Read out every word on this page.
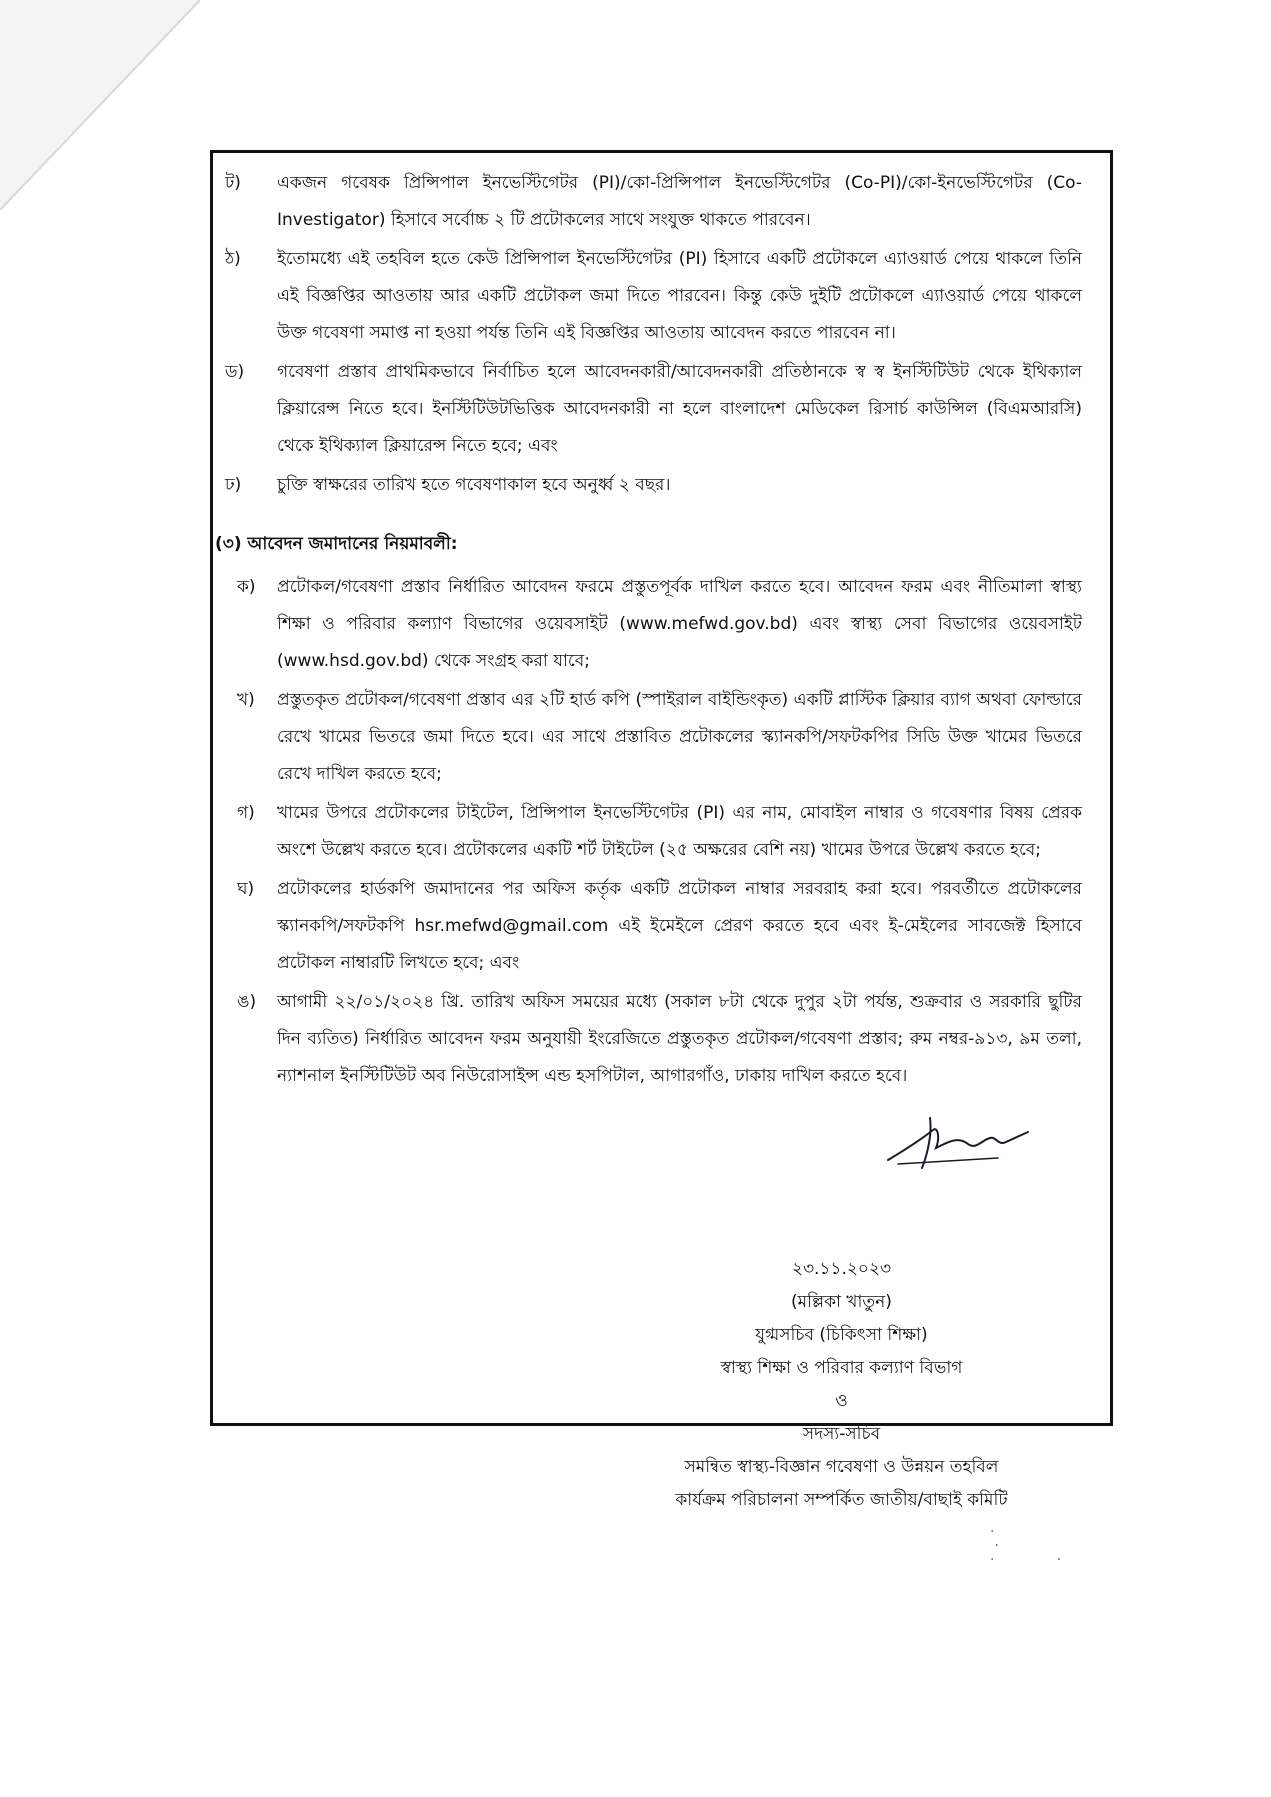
ট)	একজন গবেষক প্রিন্সিপাল ইনভেস্টিগেটর (PI)/কো-প্রিন্সিপাল ইনভেস্টিগেটর (Co-PI)/কো-ইনভেস্টিগেটর (Co- Investigator) হিসাবে সর্বোচ্চ ২ টি প্রটোকলের সাথে সংযুক্ত থাকতে পারবেন।
ঠ)	ইতোমধ্যে এই তহবিল হতে কেউ প্রিন্সিপাল ইনভেস্টিগেটর (PI) হিসাবে একটি প্রটোকলে এ্যাওয়ার্ড পেয়ে থাকলে তিনি এই বিজ্ঞপ্তির আওতায় আর একটি প্রটোকল জমা দিতে পারবেন। কিন্তু কেউ দুইটি প্রটোকলে এ্যাওয়ার্ড পেয়ে থাকলে উক্ত গবেষণা সমাপ্ত না হওয়া পর্যন্ত তিনি এই বিজ্ঞপ্তির আওতায় আবেদন করতে পারবেন না।
ড)	গবেষণা প্রস্তাব প্রাথমিকভাবে নির্বাচিত হলে আবেদনকারী/আবেদনকারী প্রতিষ্ঠানকে স্ব স্ব ইনস্টিটিউট থেকে ইথিক্যাল ক্লিয়ারেন্স নিতে হবে। ইনস্টিটিউটভিত্তিক আবেদনকারী না হলে বাংলাদেশ মেডিকেল রিসার্চ কাউন্সিল (বিএমআরসি) থেকে ইথিক্যাল ক্লিয়ারেন্স নিতে হবে; এবং
ঢ)	চুক্তি স্বাক্ষরের তারিখ হতে গবেষণাকাল হবে অনুর্ধ্ব ২ বছর।
(৩) আবেদন জমাদানের নিয়মাবলী:
ক)	প্রটোকল/গবেষণা প্রস্তাব নির্ধারিত আবেদন ফরমে প্রস্তুতপূর্বক দাখিল করতে হবে। আবেদন ফরম এবং নীতিমালা স্বাস্থ্য শিক্ষা ও পরিবার কল্যাণ বিভাগের ওয়েবসাইট (www.mefwd.gov.bd) এবং স্বাস্থ্য সেবা বিভাগের ওয়েবসাইট (www.hsd.gov.bd) থেকে সংগ্রহ করা যাবে;
খ)	প্রস্তুতকৃত প্রটোকল/গবেষণা প্রস্তাব এর ২টি হার্ড কপি (স্পাইরাল বাইন্ডিংকৃত) একটি প্লাস্টিক ক্লিয়ার ব্যাগ অথবা ফোল্ডারে রেখে খামের ভিতরে জমা দিতে হবে। এর সাথে প্রস্তাবিত প্রটোকলের স্ক্যানকপি/সফটকপির সিডি উক্ত খামের ভিতরে রেখে দাখিল করতে হবে;
গ)	খামের উপরে প্রটোকলের টাইটেল, প্রিন্সিপাল ইনভেস্টিগেটর (PI) এর নাম, মোবাইল নাম্বার ও গবেষণার বিষয় প্রেরক অংশে উল্লেখ করতে হবে। প্রটোকলের একটি শর্ট টাইটেল (২৫ অক্ষরের বেশি নয়) খামের উপরে উল্লেখ করতে হবে;
ঘ)	প্রটোকলের হার্ডকপি জমাদানের পর অফিস কর্তৃক একটি প্রটোকল নাম্বার সরবরাহ করা হবে। পরবর্তীতে প্রটোকলের স্ক্যানকপি/সফটকপি hsr.mefwd@gmail.com এই ইমেইলে প্রেরণ করতে হবে এবং ই-মেইলের সাবজেক্ট হিসাবে প্রটোকল নাম্বারটি লিখতে হবে; এবং
ঙ)	আগামী ২২/০১/২০২৪ খ্রি. তারিখ অফিস সময়ের মধ্যে (সকাল ৮টা থেকে দুপুর ২টা পর্যন্ত, শুক্রবার ও সরকারি ছুটির দিন ব্যতিত) নির্ধারিত আবেদন ফরম অনুযায়ী ইংরেজিতে প্রস্তুতকৃত প্রটোকল/গবেষণা প্রস্তাব; রুম নম্বর-৯১৩, ৯ম তলা, ন্যাশনাল ইনস্টিটিউট অব নিউরোসাইন্স এন্ড হসপিটাল, আগারগাঁও, ঢাকায় দাখিল করতে হবে।
২৩.১১.২০২৩
(মল্লিকা খাতুন)
যুগ্মসচিব (চিকিৎসা শিক্ষা)
স্বাস্থ্য শিক্ষা ও পরিবার কল্যাণ বিভাগ
ও
সদস্য-সচিব
সমন্বিত স্বাস্থ্য-বিজ্ঞান গবেষণা ও উন্নয়ন তহবিল
কার্যক্রম পরিচালনা সম্পর্কিত জাতীয়/বাছাই কমিটি
·
·
·              ·
